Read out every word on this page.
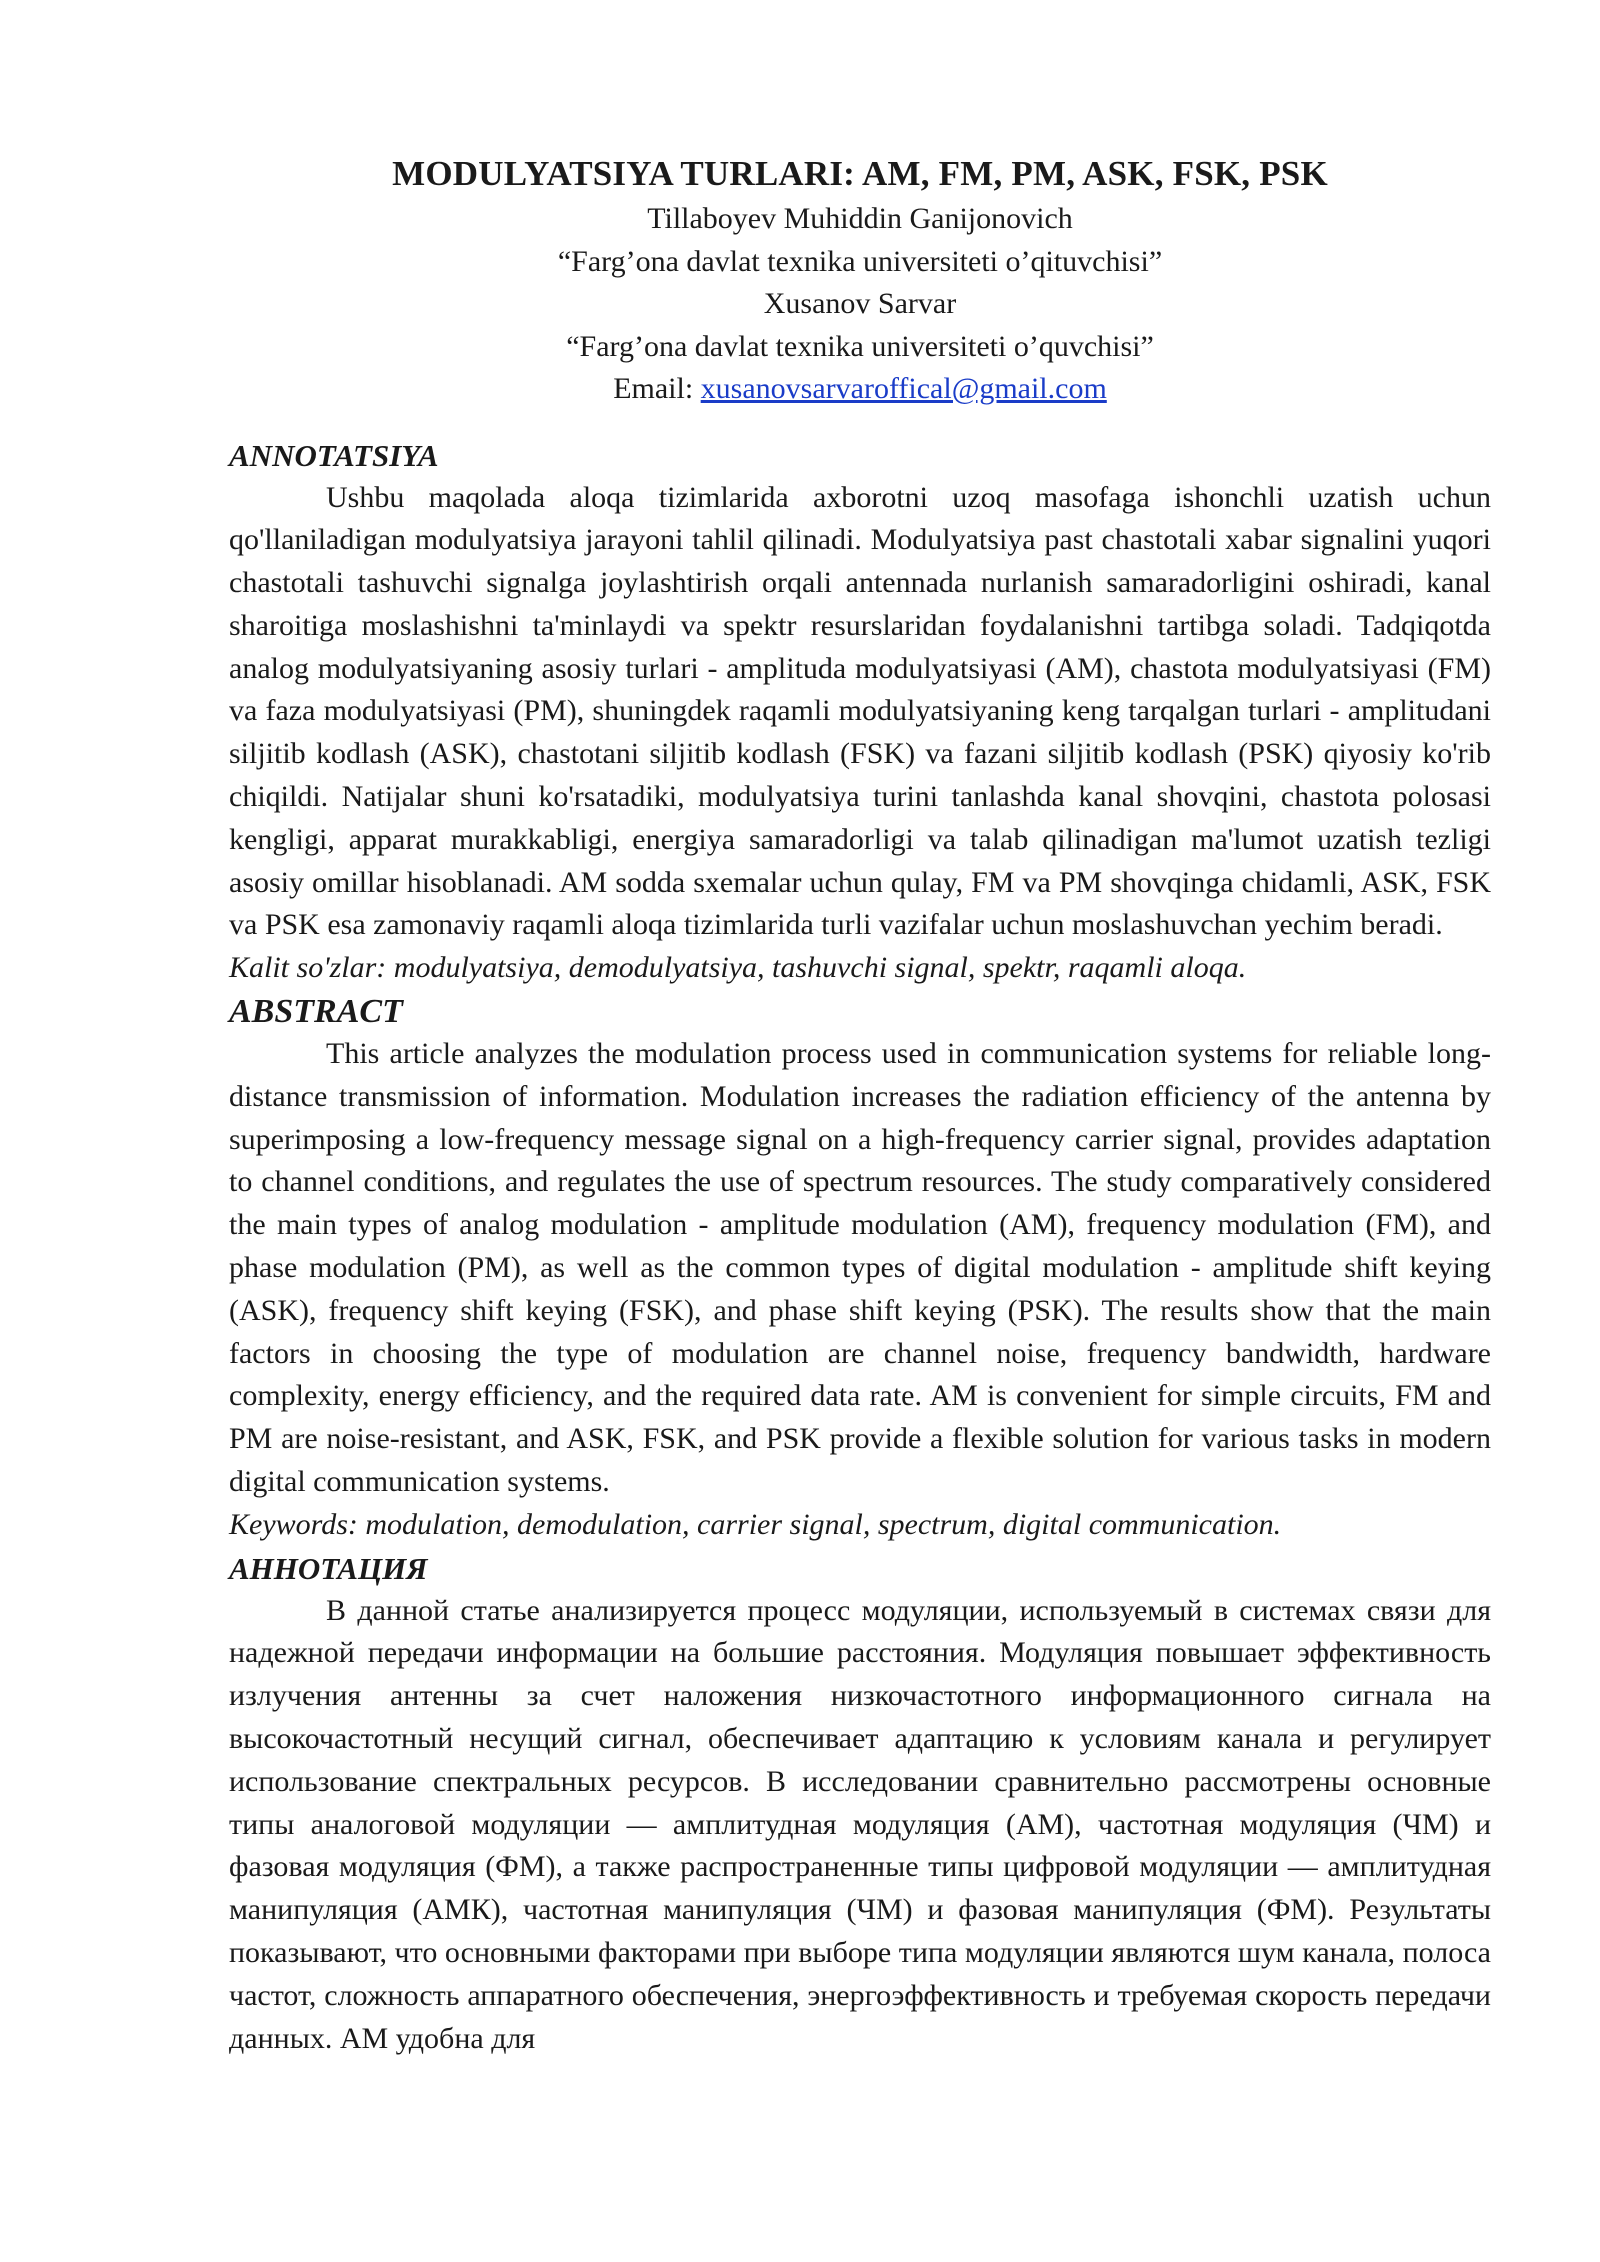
MODULYATSIYA TURLARI: AM, FM, PM, ASK, FSK, PSK

Tillaboyev Muhiddin Ganijonovich

“Farg’ona davlat texnika universiteti o’qituvchisi”

Xusanov Sarvar

“Farg’ona davlat texnika universiteti o’quvchisi”

Email: xusanovsarvaroffical@gmail.com

ANNOTATSIYA

Ushbu maqolada aloqa tizimlarida axborotni uzoq masofaga ishonchli uzatish uchun qo'llaniladigan modulyatsiya jarayoni tahlil qilinadi. Modulyatsiya past chastotali xabar signalini yuqori chastotali tashuvchi signalga joylashtirish orqali antennada nurlanish samaradorligini oshiradi, kanal sharoitiga moslashishni ta'minlaydi va spektr resurslaridan foydalanishni tartibga soladi. Tadqiqotda analog modulyatsiyaning asosiy turlari - amplituda modulyatsiyasi (AM), chastota modulyatsiyasi (FM) va faza modulyatsiyasi (PM), shuningdek raqamli modulyatsiyaning keng tarqalgan turlari - amplitudani siljitib kodlash (ASK), chastotani siljitib kodlash (FSK) va fazani siljitib kodlash (PSK) qiyosiy ko'rib chiqildi. Natijalar shuni ko'rsatadiki, modulyatsiya turini tanlashda kanal shovqini, chastota polosasi kengligi, apparat murakkabligi, energiya samaradorligi va talab qilinadigan ma'lumot uzatish tezligi asosiy omillar hisoblanadi. AM sodda sxemalar uchun qulay, FM va PM shovqinga chidamli, ASK, FSK va PSK esa zamonaviy raqamli aloqa tizimlarida turli vazifalar uchun moslashuvchan yechim beradi.

Kalit so'zlar: modulyatsiya, demodulyatsiya, tashuvchi signal, spektr, raqamli aloqa.

ABSTRACT

This article analyzes the modulation process used in communication systems for reliable long-distance transmission of information. Modulation increases the radiation efficiency of the antenna by superimposing a low-frequency message signal on a high-frequency carrier signal, provides adaptation to channel conditions, and regulates the use of spectrum resources. The study comparatively considered the main types of analog modulation - amplitude modulation (AM), frequency modulation (FM), and phase modulation (PM), as well as the common types of digital modulation - amplitude shift keying (ASK), frequency shift keying (FSK), and phase shift keying (PSK). The results show that the main factors in choosing the type of modulation are channel noise, frequency bandwidth, hardware complexity, energy efficiency, and the required data rate. AM is convenient for simple circuits, FM and PM are noise-resistant, and ASK, FSK, and PSK provide a flexible solution for various tasks in modern digital communication systems.

Keywords: modulation, demodulation, carrier signal, spectrum, digital communication.

АННОТАЦИЯ

В данной статье анализируется процесс модуляции, используемый в системах связи для надежной передачи информации на большие расстояния. Модуляция повышает эффективность излучения антенны за счет наложения низкочастотного информационного сигнала на высокочастотный несущий сигнал, обеспечивает адаптацию к условиям канала и регулирует использование спектральных ресурсов. В исследовании сравнительно рассмотрены основные типы аналоговой модуляции — амплитудная модуляция (АМ), частотная модуляция (ЧМ) и фазовая модуляция (ФМ), а также распространенные типы цифровой модуляции — амплитудная манипуляция (АМК), частотная манипуляция (ЧМ) и фазовая манипуляция (ФМ). Результаты показывают, что основными факторами при выборе типа модуляции являются шум канала, полоса частот, сложность аппаратного обеспечения, энергоэффективность и требуемая скорость передачи данных. АМ удобна для
